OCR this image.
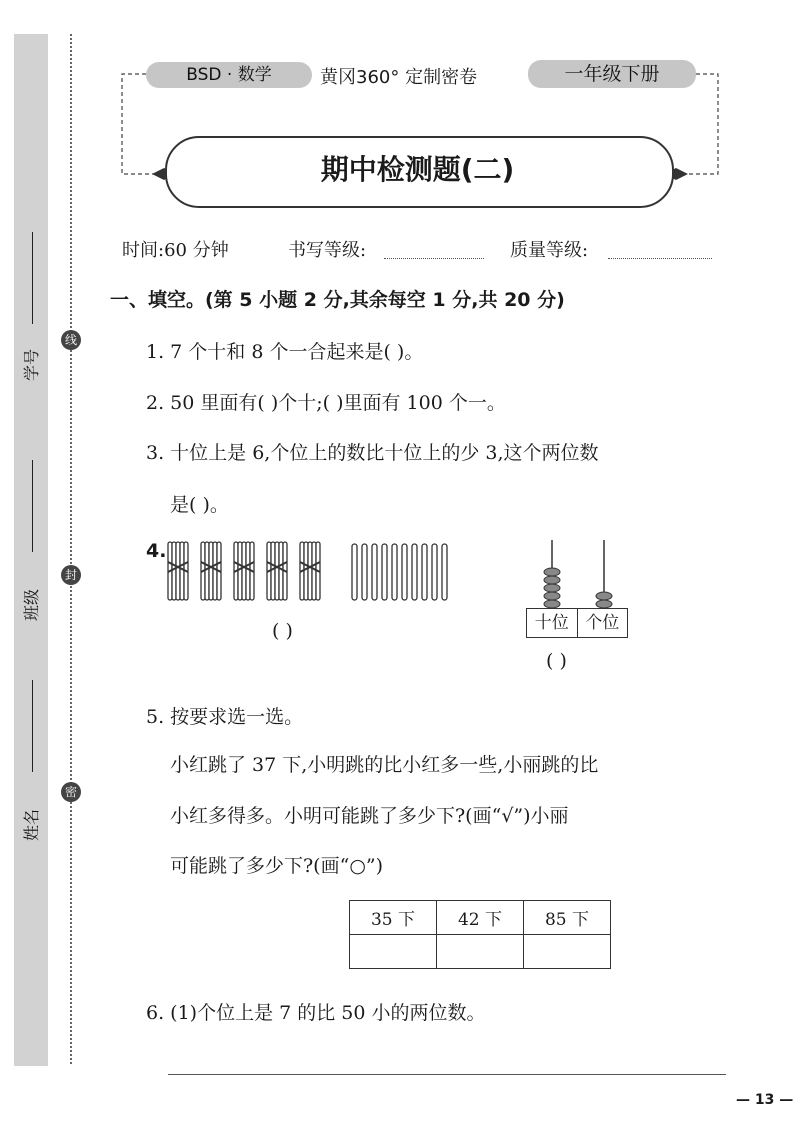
学号
班级
姓名
线
封
密
BSD · 数学	黄冈360° 定制密卷	一年级下册
期中检测题(二)
时间:60 分钟	书写等级:	质量等级:
一、填空。(第 5 小题 2 分,其余每空 1 分,共 20 分)
1. 7 个十和 8 个一合起来是( )。
2. 50 里面有( )个十;( )里面有 100 个一。
3. 十位上是 6,个位上的数比十位上的少 3,这个两位数
是( )。
4.
( )	十位 个位
( )
5. 按要求选一选。
小红跳了 37 下,小明跳的比小红多一些,小丽跳的比
小红多得多。小明可能跳了多少下?(画“√”)小丽
可能跳了多少下?(画“○”)
35 下	42 下	85 下

6. (1)个位上是 7 的比 50 小的两位数。
— 13 —
